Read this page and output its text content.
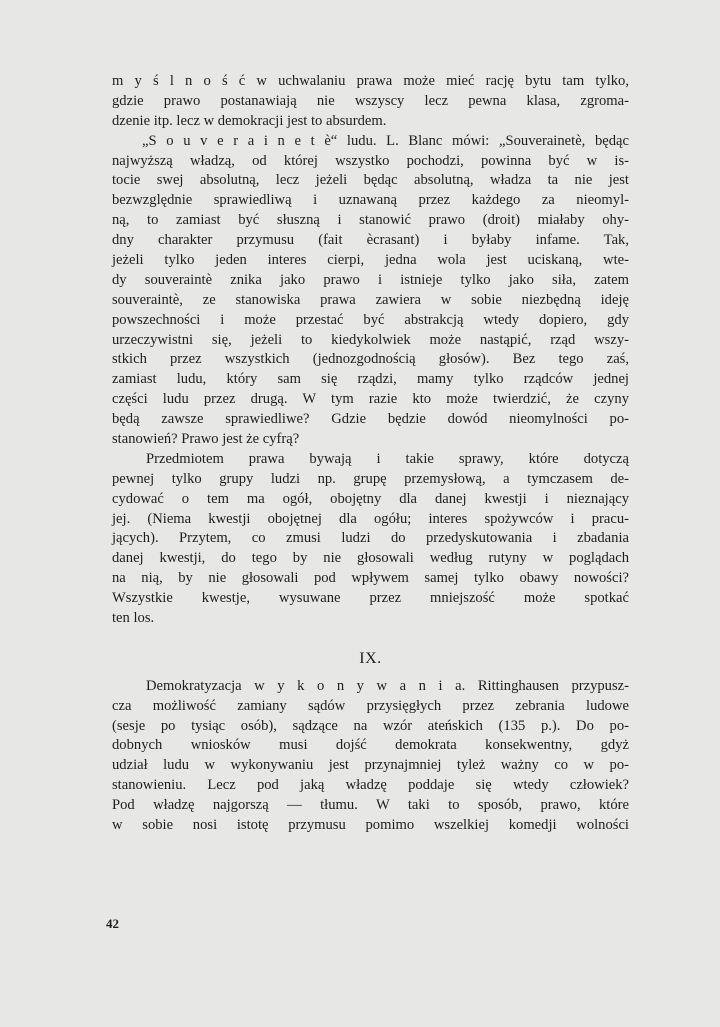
m y ś l n o ś ć w uchwalaniu prawa może mieć rację bytu tam tylko,
gdzie prawo postanawiają nie wszyscy lecz pewna klasa, zgroma-
dzenie itp. lecz w demokracji jest to absurdem.
„S o u v e r a i n e t è“ ludu. L. Blanc mówi: „Souverainetè, będąc
najwyższą władzą, od której wszystko pochodzi, powinna być w is-
tocie swej absolutną, lecz jeżeli będąc absolutną, władza ta nie jest
bezwzględnie sprawiedliwą i uznawaną przez każdego za nieomyl-
ną, to zamiast być słuszną i stanowić prawo (droit) miałaby ohy-
dny charakter przymusu (fait ècrasant) i byłaby infame. Tak,
jeżeli tylko jeden interes cierpi, jedna wola jest uciskaną, wte-
dy souveraintè znika jako prawo i istnieje tylko jako siła, zatem
souveraintè, ze stanowiska prawa zawiera w sobie niezbędną ideję
powszechności i może przestać być abstrakcją wtedy dopiero, gdy
urzeczywistni się, jeżeli to kiedykolwiek może nastąpić, rząd wszy-
stkich przez wszystkich (jednozgodnością głosów). Bez tego zaś,
zamiast ludu, który sam się rządzi, mamy tylko rządców jednej
części ludu przez drugą. W tym razie kto może twierdzić, że czyny
będą zawsze sprawiedliwe? Gdzie będzie dowód nieomylności po-
stanowień? Prawo jest że cyfrą?
Przedmiotem prawa bywają i takie sprawy, które dotyczą
pewnej tylko grupy ludzi np. grupę przemysłową, a tymczasem de-
cydować o tem ma ogół, obojętny dla danej kwestji i nieznający
jej. (Niema kwestji obojętnej dla ogółu; interes spożywców i pracu-
jących). Przytem, co zmusi ludzi do przedyskutowania i zbadania
danej kwestji, do tego by nie głosowali według rutyny w poglądach
na nią, by nie głosowali pod wpływem samej tylko obawy nowości?
Wszystkie kwestje, wysuwane przez mniejszość może spotkać
ten los.
IX.
Demokratyzacja w y k o n y w a n i a. Rittinghausen przypusz-
cza możliwość zamiany sądów przysięgłych przez zebrania ludowe
(sesje po tysiąc osób), sądzące na wzór ateńskich (135 p.). Do po-
dobnych wniosków musi dojść demokrata konsekwentny, gdyż
udział ludu w wykonywaniu jest przynajmniej tyleż ważny co w po-
stanowieniu. Lecz pod jaką władzę poddaje się wtedy człowiek?
Pod władzę najgorszą — tłumu. W taki to sposób, prawo, które
w sobie nosi istotę przymusu pomimo wszelkiej komedji wolności
42
